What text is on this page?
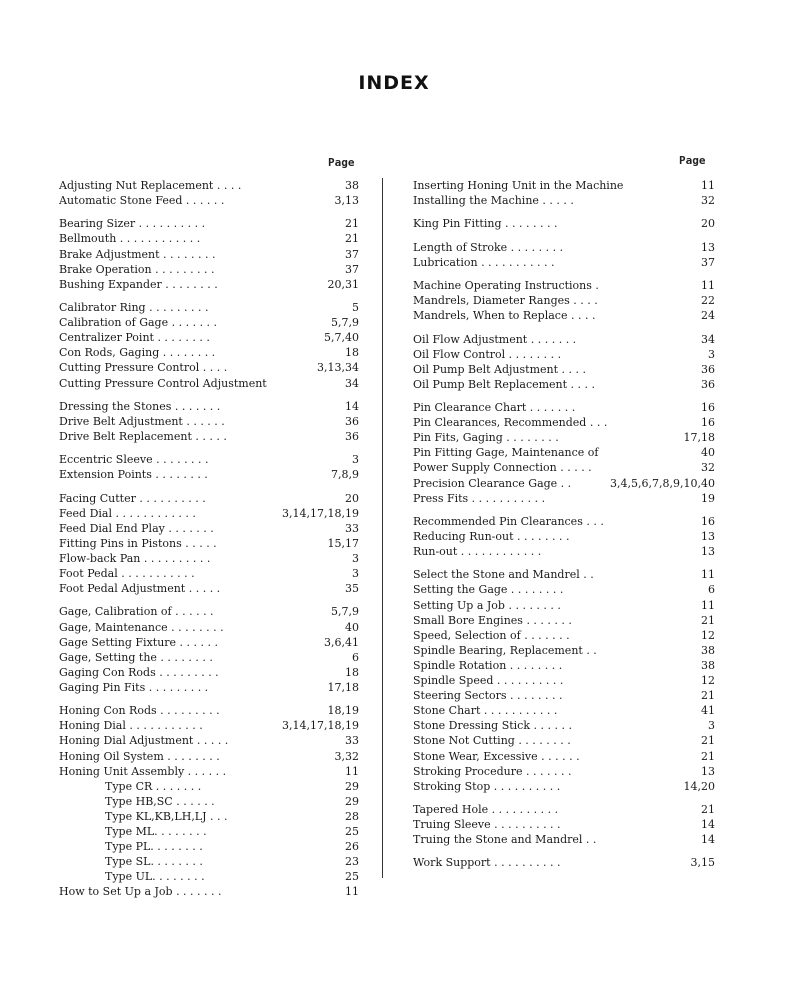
INDEX
Page	Page
Adjusting Nut Replacement . . . .	38
Automatic Stone Feed . . . . . .	3,13
Bearing Sizer . . . . . . . . . .	21
Bellmouth . . . . . . . . . . . .	21
Brake Adjustment . . . . . . . .	37
Brake Operation . . . . . . . . .	37
Bushing Expander . . . . . . . .	20,31
Calibrator Ring . . . . . . . . .	5
Calibration of Gage . . . . . . .	5,7,9
Centralizer Point . . . . . . . .	5,7,40
Con Rods, Gaging . . . . . . . .	18
Cutting Pressure Control . . . .	3,13,34
Cutting Pressure Control Adjustment	34
Dressing the Stones . . . . . . .	14
Drive Belt Adjustment . . . . . .	36
Drive Belt Replacement . . . . .	36
Eccentric Sleeve . . . . . . . .	3
Extension Points . . . . . . . .	7,8,9
Facing Cutter . . . . . . . . . .	20
Feed Dial . . . . . . . . . . . .	3,14,17,18,19
Feed Dial End Play . . . . . . .	33
Fitting Pins in Pistons . . . . .	15,17
Flow-back Pan . . . . . . . . . .	3
Foot Pedal . . . . . . . . . . .	3
Foot Pedal Adjustment . . . . .	35
Gage, Calibration of . . . . . .	5,7,9
Gage, Maintenance . . . . . . . .	40
Gage Setting Fixture . . . . . .	3,6,41
Gage, Setting the . . . . . . . .	6
Gaging Con Rods . . . . . . . . .	18
Gaging Pin Fits . . . . . . . . .	17,18
Honing Con Rods . . . . . . . . .	18,19
Honing Dial . . . . . . . . . . .	3,14,17,18,19
Honing Dial Adjustment . . . . .	33
Honing Oil System . . . . . . . .	3,32
Honing Unit Assembly . . . . . .	11
Type CR . . . . . . .	29
Type HB,SC . . . . . .	29
Type KL,KB,LH,LJ . . .	28
Type ML. . . . . . . .	25
Type PL. . . . . . . .	26
Type SL. . . . . . . .	23
Type UL. . . . . . . .	25
How to Set Up a Job . . . . . . .	11
Inserting Honing Unit in the Machine	11
Installing the Machine . . . . .	32
King Pin Fitting . . . . . . . .	20
Length of Stroke . . . . . . . .	13
Lubrication . . . . . . . . . . .	37
Machine Operating Instructions .	11
Mandrels, Diameter Ranges . . . .	22
Mandrels, When to Replace . . . .	24
Oil Flow Adjustment . . . . . . .	34
Oil Flow Control . . . . . . . .	3
Oil Pump Belt Adjustment . . . .	36
Oil Pump Belt Replacement . . . .	36
Pin Clearance Chart . . . . . . .	16
Pin Clearances, Recommended . . .	16
Pin Fits, Gaging . . . . . . . .	17,18
Pin Fitting Gage, Maintenance of	40
Power Supply Connection . . . . .	32
Precision Clearance Gage . .	3,4,5,6,7,8,9,10,40
Press Fits . . . . . . . . . . .	19
Recommended Pin Clearances . . .	16
Reducing Run-out . . . . . . . .	13
Run-out . . . . . . . . . . . .	13
Select the Stone and Mandrel . .	11
Setting the Gage . . . . . . . .	6
Setting Up a Job . . . . . . . .	11
Small Bore Engines . . . . . . .	21
Speed, Selection of . . . . . . .	12
Spindle Bearing, Replacement . .	38
Spindle Rotation . . . . . . . .	38
Spindle Speed . . . . . . . . . .	12
Steering Sectors . . . . . . . .	21
Stone Chart . . . . . . . . . . .	41
Stone Dressing Stick . . . . . .	3
Stone Not Cutting . . . . . . . .	21
Stone Wear, Excessive . . . . . .	21
Stroking Procedure . . . . . . .	13
Stroking Stop . . . . . . . . . .	14,20
Tapered Hole . . . . . . . . . .	21
Truing Sleeve . . . . . . . . . .	14
Truing the Stone and Mandrel . .	14
Work Support . . . . . . . . . .	3,15
